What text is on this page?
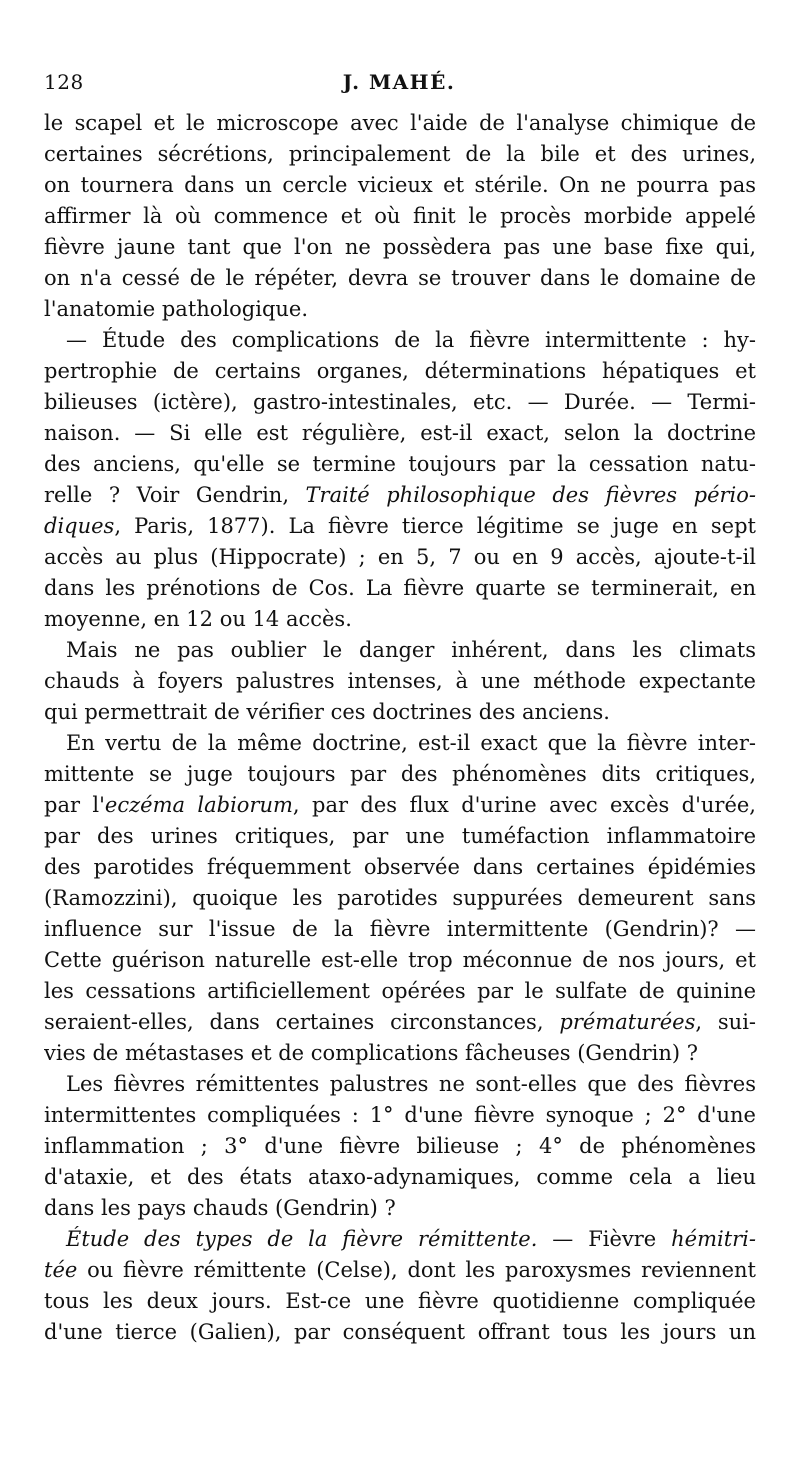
128	J. MAHÉ.
le scapel et le microscope avec l'aide de l'analyse chimique de
certaines sécrétions, principalement de la bile et des urines,
on tournera dans un cercle vicieux et stérile. On ne pourra pas
affirmer là où commence et où finit le procès morbide appelé
fièvre jaune tant que l'on ne possèdera pas une base fixe qui,
on n'a cessé de le répéter, devra se trouver dans le domaine de
l'anatomie pathologique.
— Étude des complications de la fièvre intermittente : hy-
pertrophie de certains organes, déterminations hépatiques et
bilieuses (ictère), gastro-intestinales, etc. — Durée. — Termi-
naison. — Si elle est régulière, est-il exact, selon la doctrine
des anciens, qu'elle se termine toujours par la cessation natu-
relle ? Voir Gendrin, Traité philosophique des fièvres pério-
diques, Paris, 1877). La fièvre tierce légitime se juge en sept
accès au plus (Hippocrate) ; en 5, 7 ou en 9 accès, ajoute-t-il
dans les prénotions de Cos. La fièvre quarte se terminerait, en
moyenne, en 12 ou 14 accès.
Mais ne pas oublier le danger inhérent, dans les climats
chauds à foyers palustres intenses, à une méthode expectante
qui permettrait de vérifier ces doctrines des anciens.
En vertu de la même doctrine, est-il exact que la fièvre inter-
mittente se juge toujours par des phénomènes dits critiques,
par l'eczéma labiorum, par des flux d'urine avec excès d'urée,
par des urines critiques, par une tuméfaction inflammatoire
des parotides fréquemment observée dans certaines épidémies
(Ramozzini), quoique les parotides suppurées demeurent sans
influence sur l'issue de la fièvre intermittente (Gendrin)? —
Cette guérison naturelle est-elle trop méconnue de nos jours, et
les cessations artificiellement opérées par le sulfate de quinine
seraient-elles, dans certaines circonstances, prématurées, sui-
vies de métastases et de complications fâcheuses (Gendrin) ?
Les fièvres rémittentes palustres ne sont-elles que des fièvres
intermittentes compliquées : 1° d'une fièvre synoque ; 2° d'une
inflammation ; 3° d'une fièvre bilieuse ; 4° de phénomènes
d'ataxie, et des états ataxo-adynamiques, comme cela a lieu
dans les pays chauds (Gendrin) ?
Étude des types de la fièvre rémittente. — Fièvre hémitri-
tée ou fièvre rémittente (Celse), dont les paroxysmes reviennent
tous les deux jours. Est-ce une fièvre quotidienne compliquée
d'une tierce (Galien), par conséquent offrant tous les jours un
